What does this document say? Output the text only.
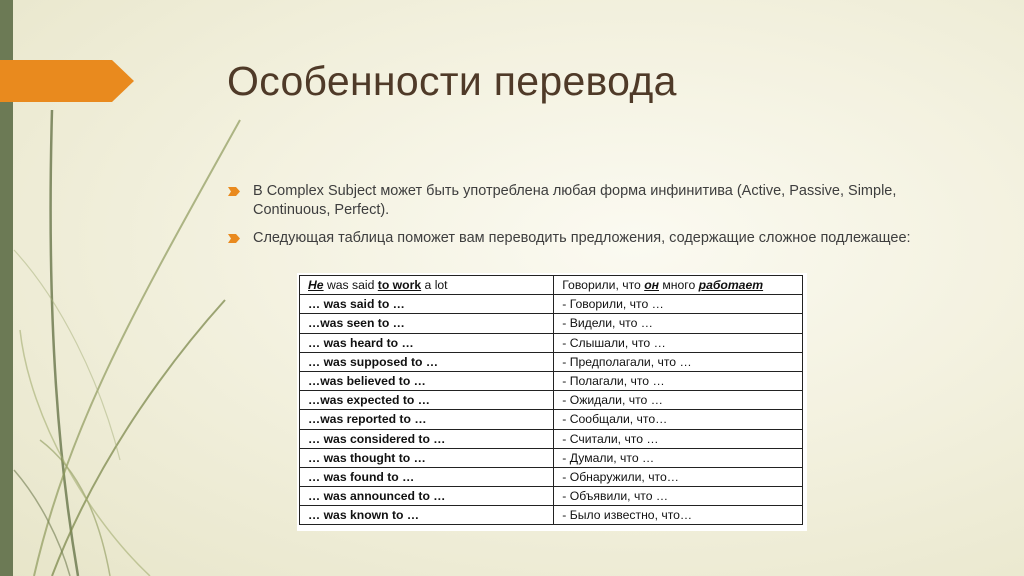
Особенности перевода
В Complex Subject может быть употреблена любая форма инфинитива (Active, Passive, Simple, Continuous, Perfect).
Следующая таблица поможет вам переводить предложения, содержащие сложное подлежащее:
He was said to work a lot	Говорили, что он много работает
… was said to …	- Говорили, что …
…was seen to …	- Видели, что …
… was heard to …	- Слышали, что …
… was supposed to …	- Предполагали, что …
…was believed to …	- Полагали, что …
…was expected to …	- Ожидали, что …
…was reported to …	- Сообщали, что…
… was considered to …	- Считали, что …
… was thought to …	- Думали, что …
… was found to …	- Обнаружили, что…
… was announced to …	- Объявили, что …
… was known to …	- Было известно, что…
